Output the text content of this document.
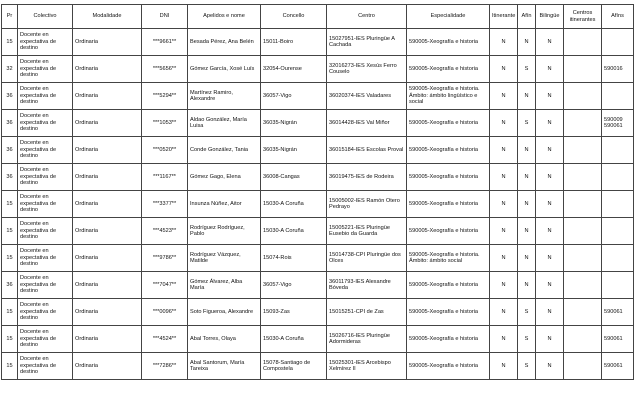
Pr	Colectivo	Modalidade	DNI	Apelidos e nome	Concello	Centro	Especialidade	Itinerante	Afín	Bilingüe	Centros itinerantes	Afíns
15	Docente en expectativa de destino	Ordinaria	***9661**	Besada Pérez, Ana Belén	15011-Boiro	15027951-IES Pluringüe A Cachada	590005-Xeografía e historia	N	N	N		
32	Docente en expectativa de destino	Ordinaria	***5656**	Gómez García, Xosé Luís	32054-Ourense	32016273-IES Xesús Ferro Couselo	590005-Xeografía e historia	N	S	N		590016
36	Docente en expectativa de destino	Ordinaria	***5294**	Martínez Ramiro, Alexandre	36057-Vigo	36020374-IES Valadares	590005-Xeografía e historia. Ámbito: ámbito lingüístico e social	N	N	N		
36	Docente en expectativa de destino	Ordinaria	***1053**	Aldao González, María Luisa	36035-Nigrán	36014428-IES Val Miñor	590005-Xeografía e historia	N	S	N		590009 590061
36	Docente en expectativa de destino	Ordinaria	***0520**	Conde González, Tania	36035-Nigrán	36015184-IES Escolas Proval	590005-Xeografía e historia	N	N	N		
36	Docente en expectativa de destino	Ordinaria	***1167**	Gómez Gago, Elena	36008-Cangas	36019475-IES de Rodeira	590005-Xeografía e historia	N	N	N		
15	Docente en expectativa de destino	Ordinaria	***3377**	Insunza Núñez, Aitor	15030-A Coruña	15005002-IES Ramón Otero Pedrayo	590005-Xeografía e historia	N	N	N		
15	Docente en expectativa de destino	Ordinaria	***4523**	Rodríguez Rodríguez, Pablo	15030-A Coruña	15005221-IES Pluringüe Eusebio da Guarda	590005-Xeografía e historia	N	N	N		
15	Docente en expectativa de destino	Ordinaria	***9786**	Rodríguez Vázquez, Matilde	15074-Rois	15014738-CPI Pluringüe dos Olces	590005-Xeografía e historia. Ámbito: ámbito social	N	N	N		
36	Docente en expectativa de destino	Ordinaria	***7047**	Gómez Álvarez, Alba María	36057-Vigo	36011793-IES Alexandre Bóveda	590005-Xeografía e historia	N	N	N		
15	Docente en expectativa de destino	Ordinaria	***0096**	Soto Figueroa, Alexandre	15093-Zas	15015251-CPI de Zas	590005-Xeografía e historia	N	S	N		590061
15	Docente en expectativa de destino	Ordinaria	***4524**	Abal Torres, Olaya	15030-A Coruña	15026716-IES Pluringüe Adormideras	590005-Xeografía e historia	N	S	N		590061
15	Docente en expectativa de destino	Ordinaria	***7286**	Abal Santorum, María Tareixa	15078-Santiago de Compostela	15025301-IES Arcebispo Xelmírez II	590005-Xeografía e historia	N	S	N		590061
